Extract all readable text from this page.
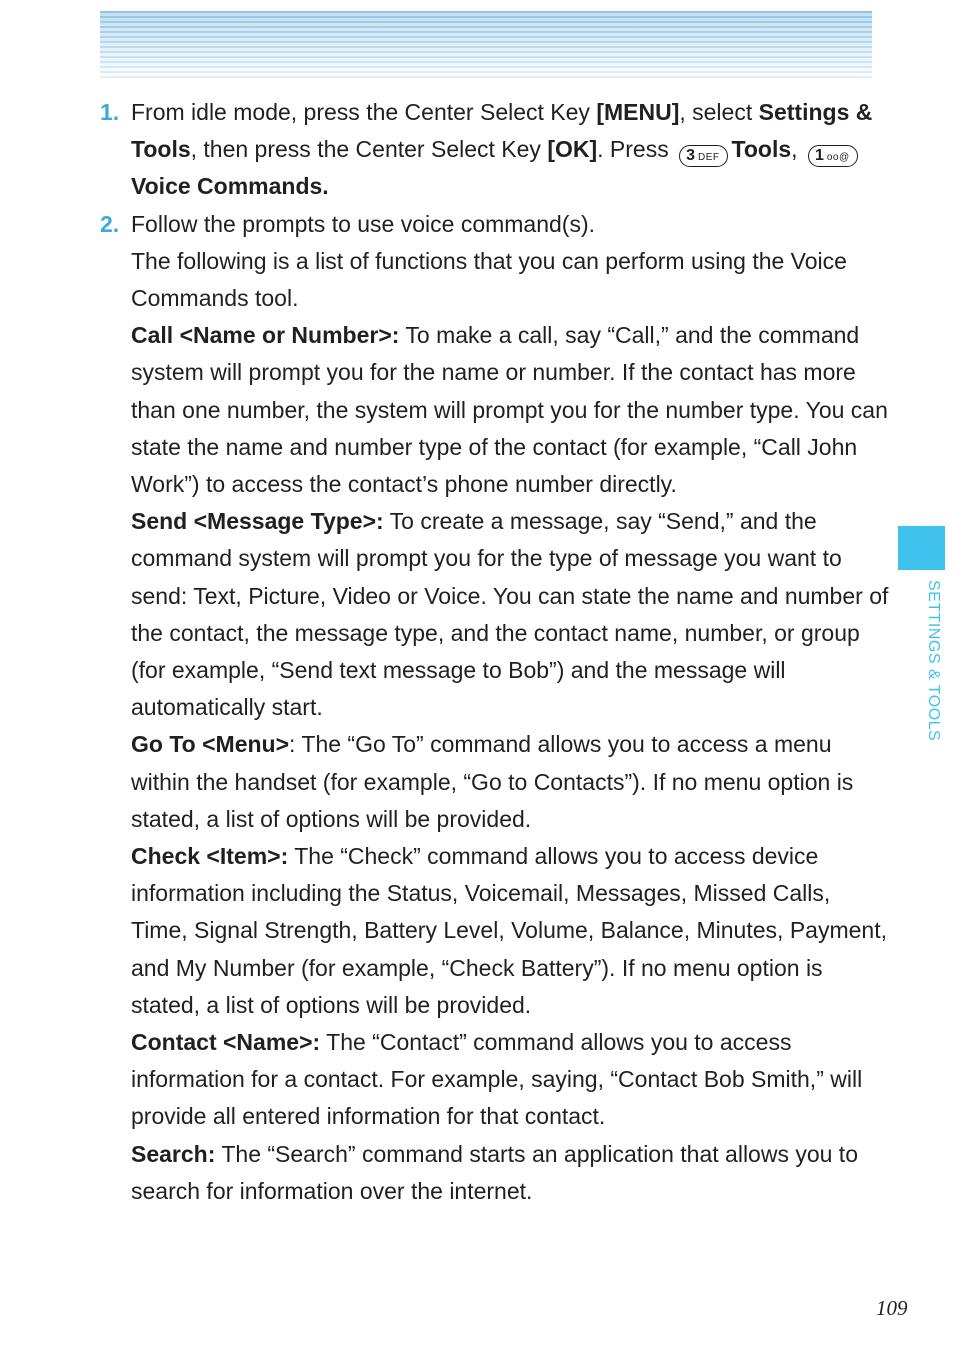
SETTINGS & TOOLS
1. From idle mode, press the Center Select Key [MENU], select Settings & Tools, then press the Center Select Key [OK]. Press 3 DEF Tools, 1 oo@ Voice Commands.

2. Follow the prompts to use voice command(s).

The following is a list of functions that you can perform using the Voice Commands tool.

Call <Name or Number>: To make a call, say “Call,” and the command system will prompt you for the name or number. If the contact has more than one number, the system will prompt you for the number type. You can state the name and number type of the contact (for example, “Call John Work”) to access the contact’s phone number directly.

Send <Message Type>: To create a message, say “Send,” and the command system will prompt you for the type of message you want to send: Text, Picture, Video or Voice. You can state the name and number of the contact, the message type, and the contact name, number, or group (for example, “Send text message to Bob”) and the message will automatically start.

Go To <Menu>: The “Go To” command allows you to access a menu within the handset (for example, “Go to Contacts”). If no menu option is stated, a list of options will be provided.

Check <Item>: The “Check” command allows you to access device information including the Status, Voicemail, Messages, Missed Calls, Time, Signal Strength, Battery Level, Volume, Balance, Minutes, Payment, and My Number (for example, “Check Battery”). If no menu option is stated, a list of options will be provided.

Contact <Name>: The “Contact” command allows you to access information for a contact. For example, saying, “Contact Bob Smith,” will provide all entered information for that contact.

Search: The “Search” command starts an application that allows you to search for information over the internet.

109
